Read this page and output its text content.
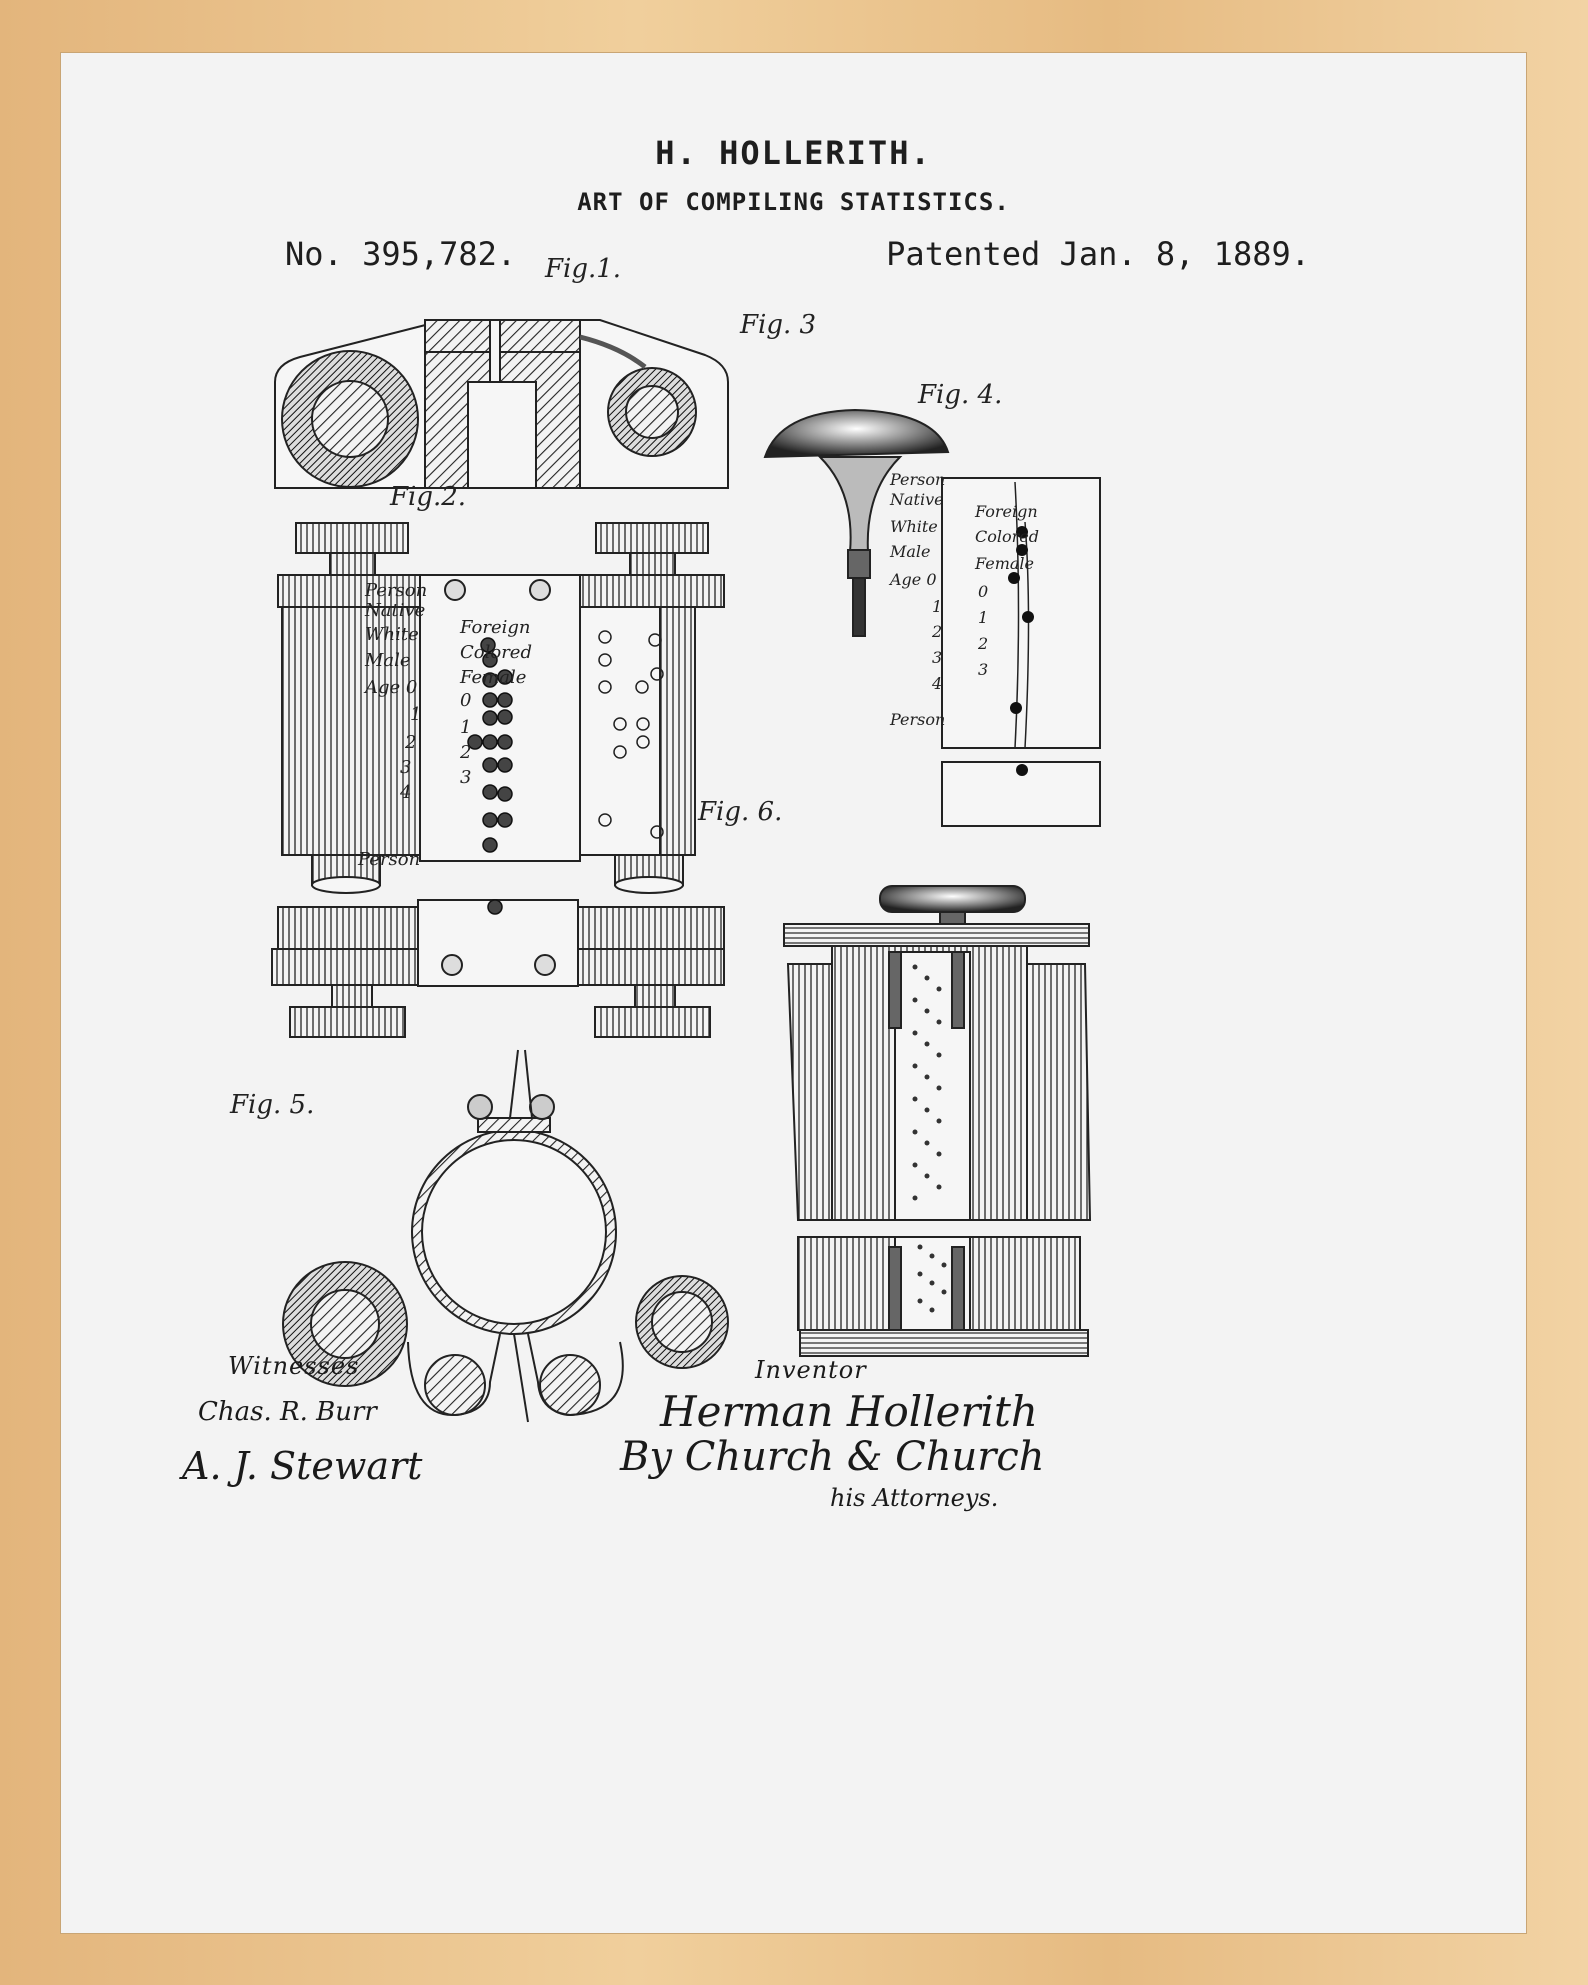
H. HOLLERITH.
ART OF COMPILING STATISTICS.
No. 395,782.	Patented Jan. 8, 1889.
Fig.1.
Fig.2.
Fig. 3
Fig. 4.
Fig. 5.
Fig. 6.
Person
Native
White
Male
Age 0
1
2
3
4
Foreign
Colored
Female
0
1
2
3
Person
Person
Native
White
Male
Age 0
1
2
3
4
Foreign
Colored
Female
0
1
2
3
Person
Witnesses
Chas. R. Burr
A. J. Stewart
Inventor
Herman Hollerith
By Church & Church
his Attorneys.
